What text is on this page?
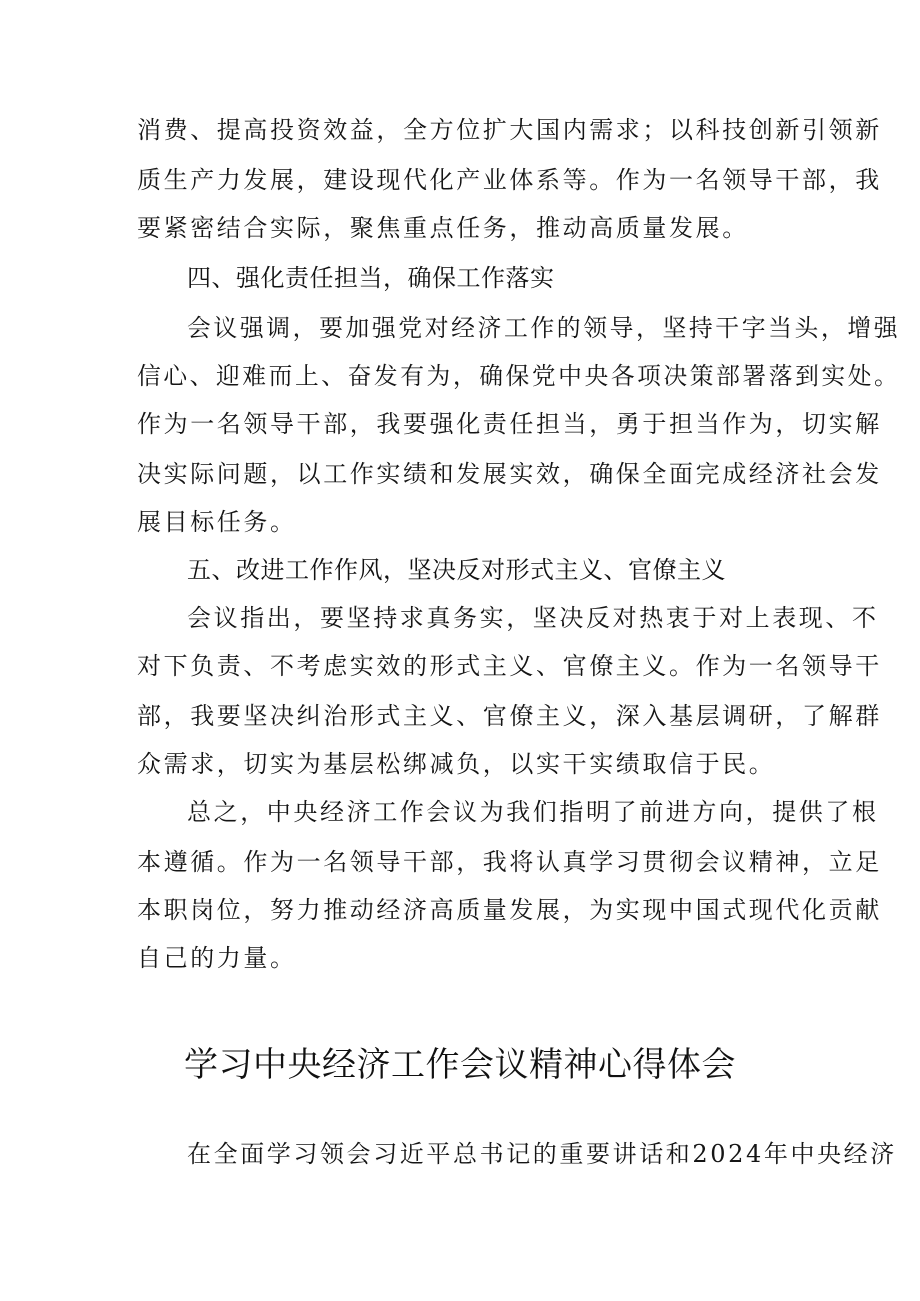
消费、提高投资效益，全方位扩大国内需求；以科技创新引领新
质生产力发展，建设现代化产业体系等。作为一名领导干部，我
要紧密结合实际，聚焦重点任务，推动高质量发展。
四、强化责任担当，确保工作落实
会议强调，要加强党对经济工作的领导，坚持干字当头，增强
信心、迎难而上、奋发有为，确保党中央各项决策部署落到实处。
作为一名领导干部，我要强化责任担当，勇于担当作为，切实解
决实际问题，以工作实绩和发展实效，确保全面完成经济社会发
展目标任务。
五、改进工作作风，坚决反对形式主义、官僚主义
会议指出，要坚持求真务实，坚决反对热衷于对上表现、不
对下负责、不考虑实效的形式主义、官僚主义。作为一名领导干
部，我要坚决纠治形式主义、官僚主义，深入基层调研，了解群
众需求，切实为基层松绑减负，以实干实绩取信于民。
总之，中央经济工作会议为我们指明了前进方向，提供了根
本遵循。作为一名领导干部，我将认真学习贯彻会议精神，立足
本职岗位，努力推动经济高质量发展，为实现中国式现代化贡献
自己的力量。
学习中央经济工作会议精神心得体会
在全面学习领会习近平总书记的重要讲话和2024年中央经济
